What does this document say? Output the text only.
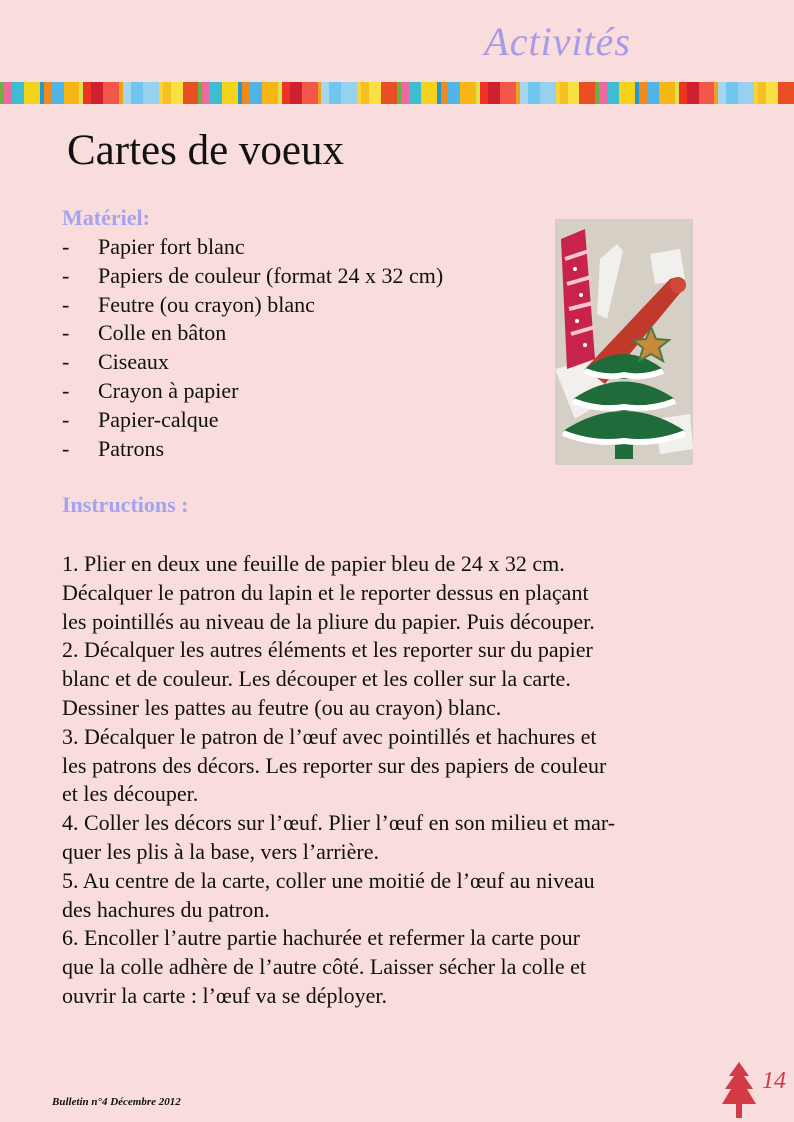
Activités
Cartes de voeux
Matériel:
-	Papier fort blanc
-	Papiers de couleur (format 24 x 32 cm)
-	Feutre (ou crayon) blanc
-	Colle en bâton
-	Ciseaux
-	Crayon à papier
-	Papier-calque
-	Patrons
Instructions :

1. Plier en deux une feuille de papier bleu de 24 x 32 cm.

Décalquer le patron du lapin et le reporter dessus en plaçant

les pointillés au niveau de la pliure du papier. Puis découper.

2. Décalquer les autres éléments et les reporter sur du papier

blanc et de couleur. Les découper et les coller sur la carte.

Dessiner les pattes au feutre (ou au crayon) blanc.

3. Décalquer le patron de l’œuf avec pointillés et hachures et

les patrons des décors. Les reporter sur des papiers de couleur

et les découper.

4. Coller les décors sur l’œuf. Plier l’œuf en son milieu et mar-

quer les plis à la base, vers l’arrière.

5. Au centre de la carte, coller une moitié de l’œuf au niveau

des hachures du patron.

6. Encoller l’autre partie hachurée et refermer la carte pour

que la colle adhère de l’autre côté. Laisser sécher la colle et

ouvrir la carte : l’œuf va se déployer.

Bulletin n°4 Décembre 2012
14
